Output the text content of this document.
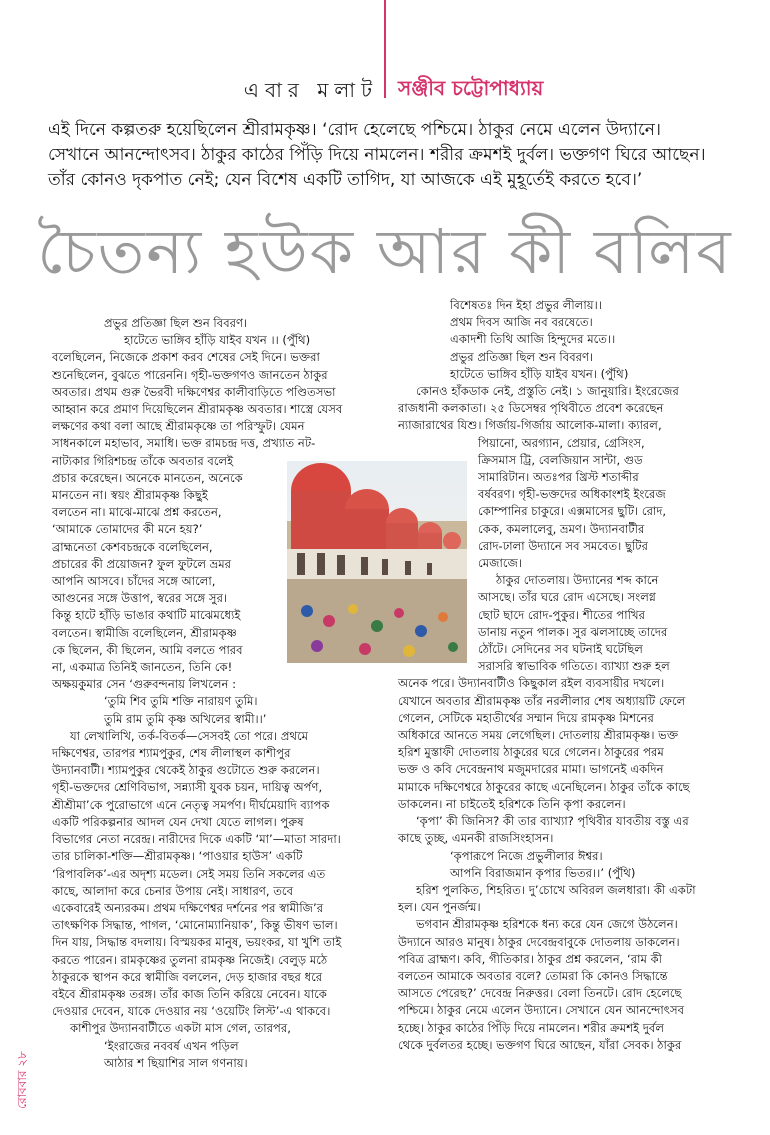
এবার মলাট সঞ্জীব চট্টোপাধ্যায়

এই দিনে কল্পতরু হয়েছিলেন শ্রীরামকৃষ্ণ। ‘রোদ হেলেছে পশ্চিমে। ঠাকুর নেমে এলেন উদ্যানে।

সেখানে আনন্দোৎসব। ঠাকুর কাঠের পিঁড়ি দিয়ে নামলেন। শরীর ক্রমশই দুর্বল। ভক্তগণ ঘিরে আছেন।

তাঁর কোনও দৃকপাত নেই; যেন বিশেষ একটি তাগিদ, যা আজকে এই মুহূর্তেই করতে হবে।’

চৈতন্য হউক আর কী বলিব

প্রভুর প্রতিজ্ঞা ছিল শুন বিবরণ।

হাটেতে ভাঙ্গিব হাঁড়ি যাইব যখন ।। (পুঁথি)

বলেছিলেন, নিজেকে প্রকাশ করব শেষের সেই দিনে। ভক্তরা

শুনেছিলেন, বুঝতে পারেননি। গৃহী-ভক্তগণও জানতেন ঠাকুর

অবতার। প্রথম গুরু ভৈরবী দক্ষিণেশ্বর কালীবাড়িতে পণ্ডিতসভা

আহ্বান করে প্রমাণ দিয়েছিলেন শ্রীরামকৃষ্ণ অবতার। শাস্ত্রে যেসব

লক্ষণের কথা বলা আছে শ্রীরামকৃষ্ণে তা পরিস্ফুট। যেমন

সাধনকালে মহাভাব, সমাধি। ভক্ত রামচন্দ্র দত্ত, প্রখ্যাত নট-

নাট্যকার গিরিশচন্দ্র তাঁকে অবতার বলেই

প্রচার করেছেন। অনেকে মানতেন, অনেকে

মানতেন না। স্বয়ং শ্রীরামকৃষ্ণ কিছুই

বলতেন না। মাঝে-মাঝে প্রশ্ন করতেন,

‘আমাকে তোমাদের কী মনে হয়?’

ব্রাহ্মনেতা কেশবচন্দ্রকে বলেছিলেন,

প্রচারের কী প্রয়োজন? ফুল ফুটলে ভ্রমর

আপনি আসবে। চাঁদের সঙ্গে আলো,

আগুনের সঙ্গে উত্তাপ, স্বরের সঙ্গে সুর।

কিন্তু হাটে হাঁড়ি ভাঙার কথাটি মাঝেমধ্যেই

বলতেন। স্বামীজি বলেছিলেন, শ্রীরামকৃষ্ণ

কে ছিলেন, কী ছিলেন, আমি বলতে পারব

না, একমাত্র তিনিই জানতেন, তিনি কে!

অক্ষয়কুমার সেন ‘গুরুবন্দনায় লিখলেন :

‘তুমি শিব তুমি শক্তি নারায়ণ তুমি।

তুমি রাম তুমি কৃষ্ণ অখিলের স্বামী।।’

যা লেখালিখি, তর্ক-বিতর্ক—সেসবই তো পরে। প্রথমে

দক্ষিণেশ্বর, তারপর শ্যামপুকুর, শেষ লীলাস্থল কাশীপুর

উদ্যানবাটী। শ্যামপুকুর থেকেই ঠাকুর গুটোতে শুরু করলেন।

গৃহী-ভক্তদের শ্রেণিবিভাগ, সন্ন্যাসী যুবক চয়ন, দায়িত্ব অর্পণ,

শ্রীশ্রীমা’কে পুরোভাগে এনে নেতৃত্ব সমর্পণ। দীর্ঘমেয়াদি ব্যাপক

একটি পরিকল্পনার আদল যেন দেখা যেতে লাগল। পুরুষ

বিভাগের নেতা নরেন্দ্র। নারীদের দিকে একটি ‘মা’—মাতা সারদা।

তার চালিকা-শক্তি—শ্রীরামকৃষ্ণ। ‘পাওয়ার হাউস’ একটি

‘রিপাবলিক’-এর অদৃশ্য মডেল। সেই সময় তিনি সকলের এত

কাছে, আলাদা করে চেনার উপায় নেই। সাধারণ, তবে

একেবারেই অন্যরকম। প্রথম দক্ষিণেশ্বর দর্শনের পর স্বামীজি’র

তাৎক্ষণিক সিদ্ধান্ত, পাগল, ‘মোনোম্যানিয়াক’, কিন্তু ভীষণ ভাল।

দিন যায়, সিদ্ধান্ত বদলায়। বিস্ময়কর মানুষ, ভয়ংকর, যা খুশি তাই

করতে পারেন। রামকৃষ্ণের তুলনা রামকৃষ্ণ নিজেই। বেলুড় মঠে

ঠাকুরকে স্থাপন করে স্বামীজি বললেন, দেড় হাজার বছর ধরে

বইবে শ্রীরামকৃষ্ণ তরঙ্গ। তাঁর কাজ তিনি করিয়ে নেবেন। যাকে

দেওয়ার দেবেন, যাকে দেওয়ার নয় ‘ওয়েটিং লিস্ট’-এ থাকবে।

কাশীপুর উদ্যানবাটীতে একটা মাস গেল, তারপর,

‘ইংরাজের নববর্ষ এখন পড়িল

আঠার শ ছিয়াশির সাল গণনায়।

বিশেষতঃ দিন ইহা প্রভুর লীলায়।।

প্রথম দিবস আজি নব বরষেতে।

একাদশী তিথি আজি হিন্দুদের মতে।।

প্রভুর প্রতিজ্ঞা ছিল শুন বিবরণ।

হাটেতে ভাঙ্গিব হাঁড়ি যাইব যখন। (পুঁথি)

কোনও হাঁকডাক নেই, প্রস্তুতি নেই। ১ জানুয়ারি। ইংরেজের

রাজধানী কলকাতা। ২৫ ডিসেম্বর পৃথিবীতে প্রবেশ করেছেন

ন্যাজারাথের যিশু। গির্জায়-গির্জায় আলোক-মালা। ক্যারল,

পিয়ানো, অরগ্যান, প্রেয়ার, গ্রেসিংস,

ক্রিসমাস ট্রি, বেলজিয়ান সান্টা, গুড

সামারিটান। অতঃপর খ্রিস্ট শতাব্দীর

বর্ষবরণ। গৃহী-ভক্তদের অধিকাংশই ইংরেজ

কোম্পানির চাকুরে। এক্সমাসের ছুটি। রোদ,

কেক, কমলালেবু, ভ্রমণ। উদ্যানবাটীর

রোদ-ঢালা উদ্যানে সব সমবেত। ছুটির

মেজাজে।

ঠাকুর দোতলায়। উদ্যানের শব্দ কানে

আসছে। তাঁর ঘরে রোদ এসেছে। সংলগ্ন

ছোট ছাদে রোদ-পুকুর। শীতের পাখির

ডানায় নতুন পালক। সুর ঝলসাচ্ছে তাদের

ঠোঁটে। সেদিনের সব ঘটনাই ঘটেছিল

সরাসরি স্বাভাবিক গতিতে। ব্যাখ্যা শুরু হল

অনেক পরে। উদ্যানবাটীও কিছুকাল রইল ব্যবসায়ীর দখলে।

যেখানে অবতার শ্রীরামকৃষ্ণ তাঁর নরলীলার শেষ অধ্যায়টি ফেলে

গেলেন, সেটিকে মহাতীর্থের সম্মান দিয়ে রামকৃষ্ণ মিশনের

অধিকারে আনতে সময় লেগেছিল। দোতলায় শ্রীরামকৃষ্ণ। ভক্ত

হরিশ মুস্তাফী দোতলায় ঠাকুরের ঘরে গেলেন। ঠাকুরের পরম

ভক্ত ও কবি দেবেন্দ্রনাথ মজুমদারের মামা। ভাগনেই একদিন

মামাকে দক্ষিণেশ্বরে ঠাকুরের কাছে এনেছিলেন। ঠাকুর তাঁকে কাছে

ডাকলেন। না চাইতেই হরিশকে তিনি কৃপা করলেন।

‘কৃপা’ কী জিনিস? কী তার ব্যাখ্যা? পৃথিবীর যাবতীয় বস্তু এর

কাছে তুচ্ছ, এমনকী রাজসিংহাসন।

‘কৃপারূপে নিজে প্রভুলীলার ঈশ্বর।

আপনি বিরাজমান কৃপার ভিতর।।’ (পুঁথি)

হরিশ পুলকিত, শিহরিত। দু’চোখে অবিরল জলধারা। কী একটা

হল। যেন পুনর্জন্ম।

ভগবান শ্রীরামকৃষ্ণ হরিশকে ধন্য করে যেন জেগে উঠলেন।

উদ্যানে আরও মানুষ। ঠাকুর দেবেন্দ্রবাবুকে দোতলায় ডাকলেন।

পবিত্র ব্রাহ্মণ। কবি, গীতিকার। ঠাকুর প্রশ্ন করলেন, ‘রাম কী

বলতেন আমাকে অবতার বলে? তোমরা কি কোনও সিদ্ধান্তে

আসতে পেরেছ?’ দেবেন্দ্র নিরুত্তর। বেলা তিনটে। রোদ হেলেছে

পশ্চিমে। ঠাকুর নেমে এলেন উদ্যানে। সেখানে যেন আনন্দোৎসব

হচ্ছে। ঠাকুর কাঠের পিঁড়ি দিয়ে নামলেন। শরীর ক্রমশই দুর্বল

থেকে দুর্বলতর হচ্ছে। ভক্তগণ ঘিরে আছেন, যাঁরা সেবক। ঠাকুর

রোববার ২৮
